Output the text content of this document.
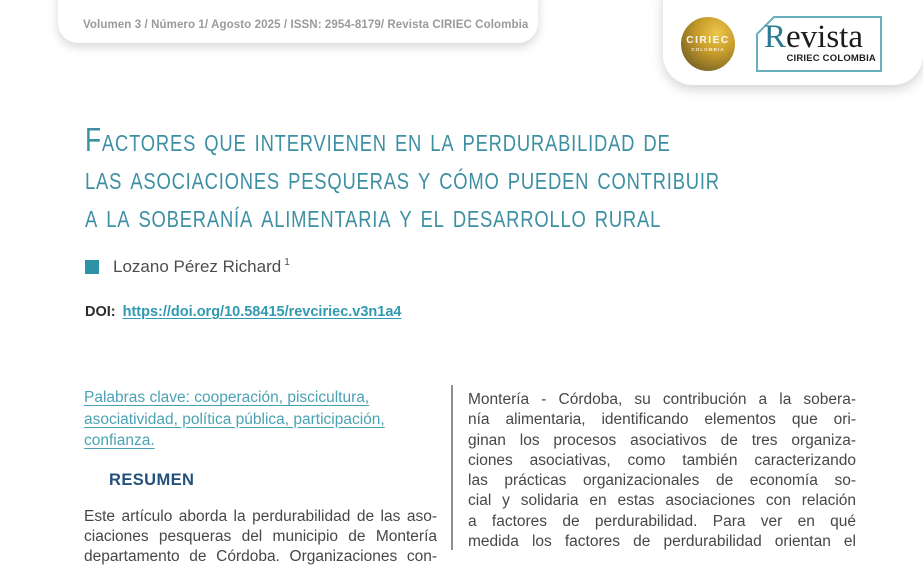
Volumen 3 / Número 1/ Agosto 2025 / ISSN: 2954-8179/ Revista CIRIEC Colombia
CIRIEC
COLOMBIA Revista
CIRIEC COLOMBIA
Factores que intervienen en la perdurabilidad de
las asociaciones pesqueras y cómo pueden contribuir
a la soberanía alimentaria y el desarrollo rural
Lozano Pérez Richard $^1$
DOI: https://doi.org/10.58415/revciriec.v3n1a4
Palabras clave: cooperación, piscicultura,
asociatividad, política pública, participación, confianza.
RESUMEN
Este artículo aborda la perdurabilidad de las aso-
ciaciones pesqueras del municipio de Montería
departamento de Córdoba. Organizaciones con-
Montería - Córdoba, su contribución a la sobera-
nía alimentaria, identificando elementos que ori-
ginan los procesos asociativos de tres organiza-
ciones asociativas, como también caracterizando
las prácticas organizacionales de economía so-
cial y solidaria en estas asociaciones con relación
a factores de perdurabilidad. Para ver en qué
medida los factores de perdurabilidad orientan el
